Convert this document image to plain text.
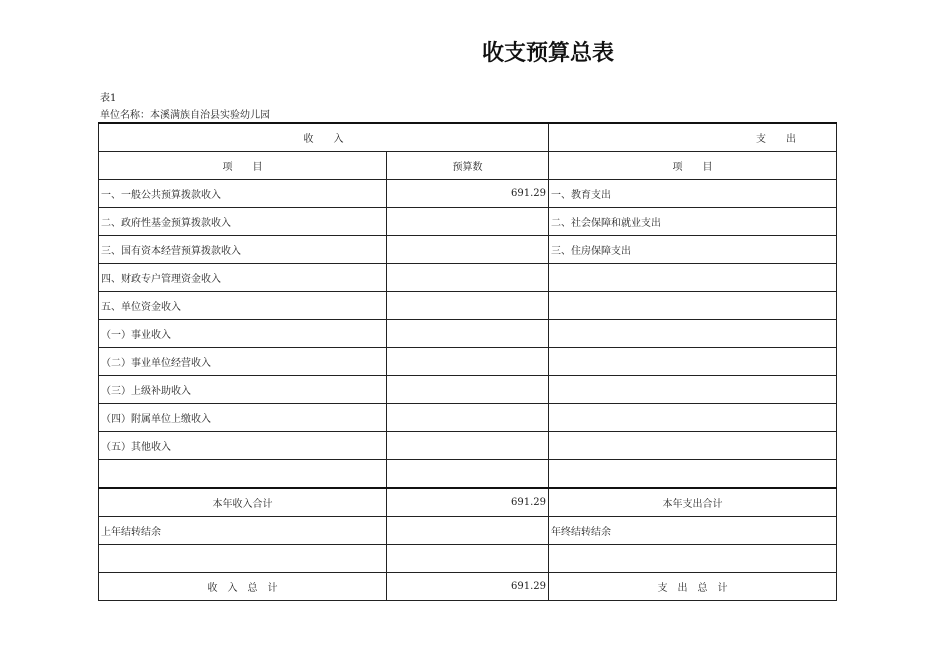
收支预算总表
表1
单位名称：本溪满族自治县实验幼儿园
收　　入		支　　出
项　　目	预算数	项　　目
一、一般公共预算拨款收入	691.29	一、教育支出
二、政府性基金预算拨款收入		二、社会保障和就业支出
三、国有资本经营预算拨款收入		三、住房保障支出
四、财政专户管理资金收入		
五、单位资金收入		
（一）事业收入		
（二）事业单位经营收入		
（三）上级补助收入		
（四）附属单位上缴收入		
（五）其他收入		

本年收入合计	691.29	本年支出合计
上年结转结余		年终结转结余

收　入　总　计	691.29	支　出　总　计
